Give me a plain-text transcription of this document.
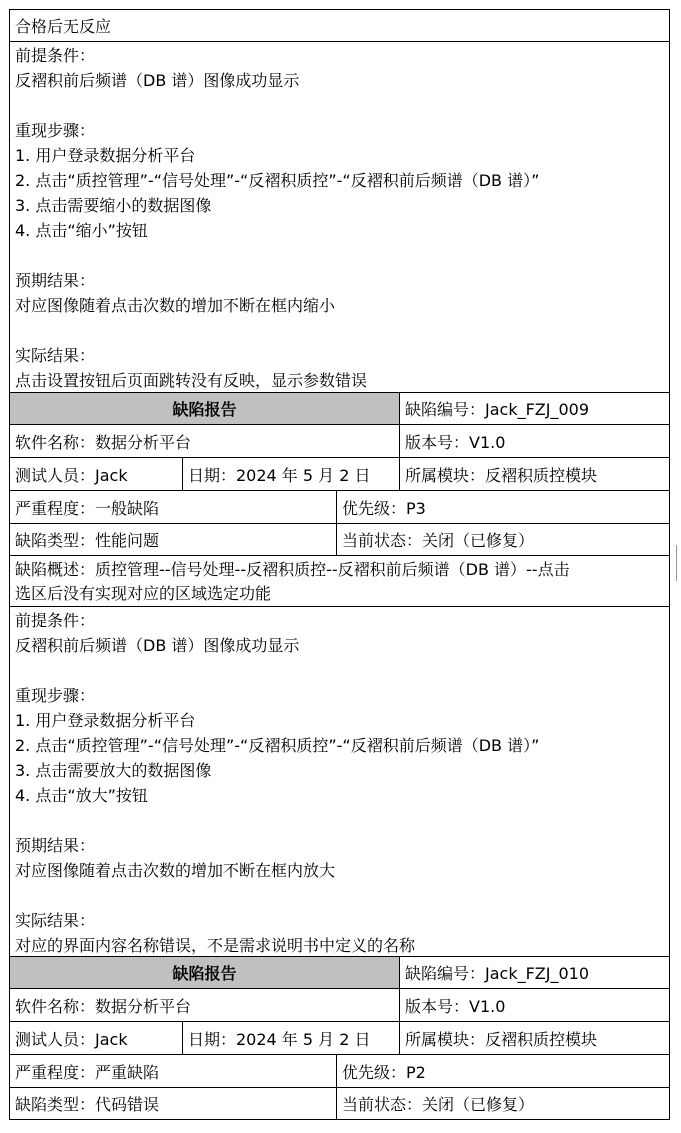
合格后无反应
前提条件：
反褶积前后频谱（DB 谱）图像成功显示
重现步骤：
1. 用户登录数据分析平台
2. 点击“质控管理”-“信号处理”-“反褶积质控”-“反褶积前后频谱（DB 谱）”
3. 点击需要缩小的数据图像
4. 点击“缩小”按钮
预期结果：
对应图像随着点击次数的增加不断在框内缩小
实际结果：
点击设置按钮后页面跳转没有反映，显示参数错误
缺陷报告	缺陷编号：Jack_FZJ_009
软件名称：数据分析平台	版本号：V1.0
测试人员：Jack	日期：2024 年 5 月 2 日	所属模块：反褶积质控模块
严重程度：一般缺陷	优先级：P3
缺陷类型：性能问题	当前状态：关闭（已修复）
缺陷概述：质控管理--信号处理--反褶积质控--反褶积前后频谱（DB 谱）--点击
选区后没有实现对应的区域选定功能
前提条件：
反褶积前后频谱（DB 谱）图像成功显示
重现步骤：
1. 用户登录数据分析平台
2. 点击“质控管理”-“信号处理”-“反褶积质控”-“反褶积前后频谱（DB 谱）”
3. 点击需要放大的数据图像
4. 点击“放大”按钮
预期结果：
对应图像随着点击次数的增加不断在框内放大
实际结果：
对应的界面内容名称错误，不是需求说明书中定义的名称
缺陷报告	缺陷编号：Jack_FZJ_010
软件名称：数据分析平台	版本号：V1.0
测试人员：Jack	日期：2024 年 5 月 2 日	所属模块：反褶积质控模块
严重程度：严重缺陷	优先级：P2
缺陷类型：代码错误	当前状态：关闭（已修复）
